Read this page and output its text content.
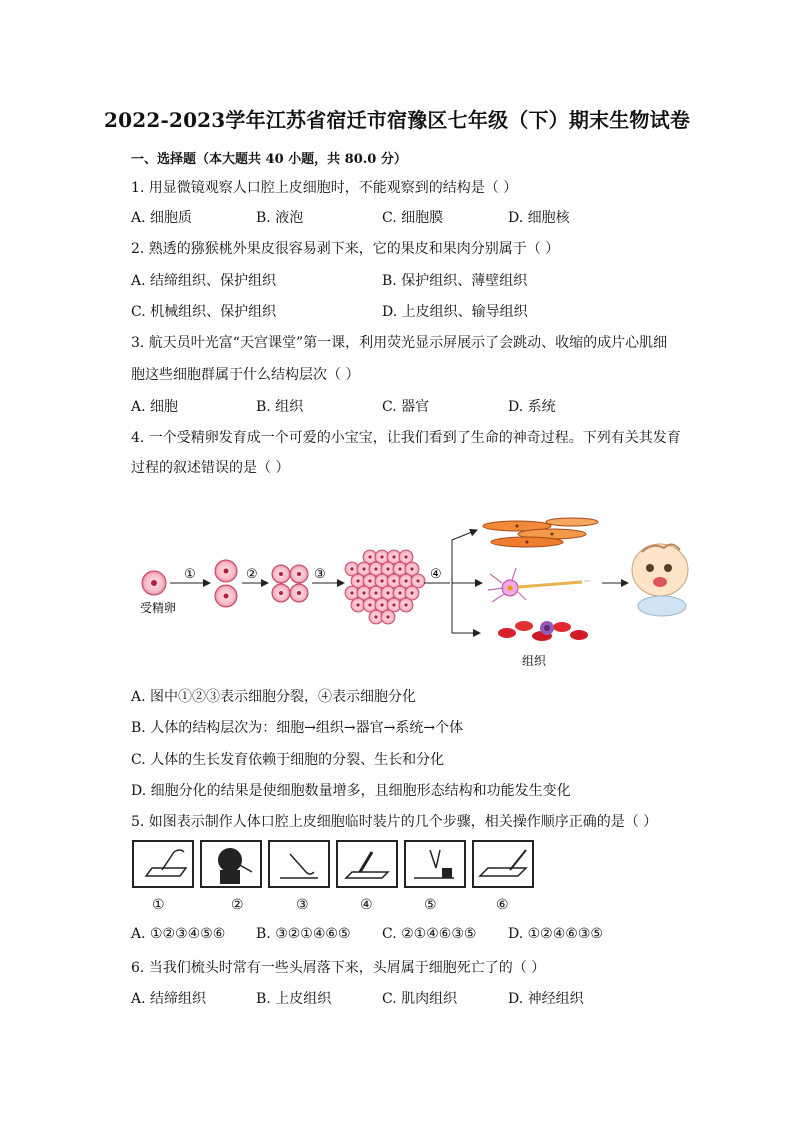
2022-2023学年江苏省宿迁市宿豫区七年级（下）期末生物试卷
一、选择题（本大题共 40 小题，共 80.0 分）
1. 用显微镜观察人口腔上皮细胞时，不能观察到的结构是（ ）
A. 细胞质	B. 液泡	C. 细胞膜	D. 细胞核
2. 熟透的猕猴桃外果皮很容易剥下来，它的果皮和果肉分别属于（ ）
A. 结缔组织、保护组织	B. 保护组织、薄壁组织
C. 机械组织、保护组织	D. 上皮组织、输导组织
3. 航天员叶光富“天宫课堂”第一课，利用荧光显示屏展示了会跳动、收缩的成片心肌细
胞这些细胞群属于什么结构层次（ ）
A. 细胞	B. 组织	C. 器官	D. 系统
4. 一个受精卵发育成一个可爱的小宝宝，让我们看到了生命的神奇过程。下列有关其发育
过程的叙述错误的是（ ）
受精卵
①	②	③	④
组织
A. 图中①②③表示细胞分裂，④表示细胞分化
B. 人体的结构层次为：细胞→组织→器官→系统→个体
C. 人体的生长发育依赖于细胞的分裂、生长和分化
D. 细胞分化的结果是使细胞数量增多，且细胞形态结构和功能发生变化
5. 如图表示制作人体口腔上皮细胞临时装片的几个步骤，相关操作顺序正确的是（ ）
①	②	③	④	⑤	⑥
A. ①②③④⑤⑥ B. ③②①④⑥⑤ C. ②①④⑥③⑤ D. ①②④⑥③⑤
6. 当我们梳头时常有一些头屑落下来，头屑属于细胞死亡了的（ ）
A. 结缔组织	B. 上皮组织	C. 肌肉组织	D. 神经组织
